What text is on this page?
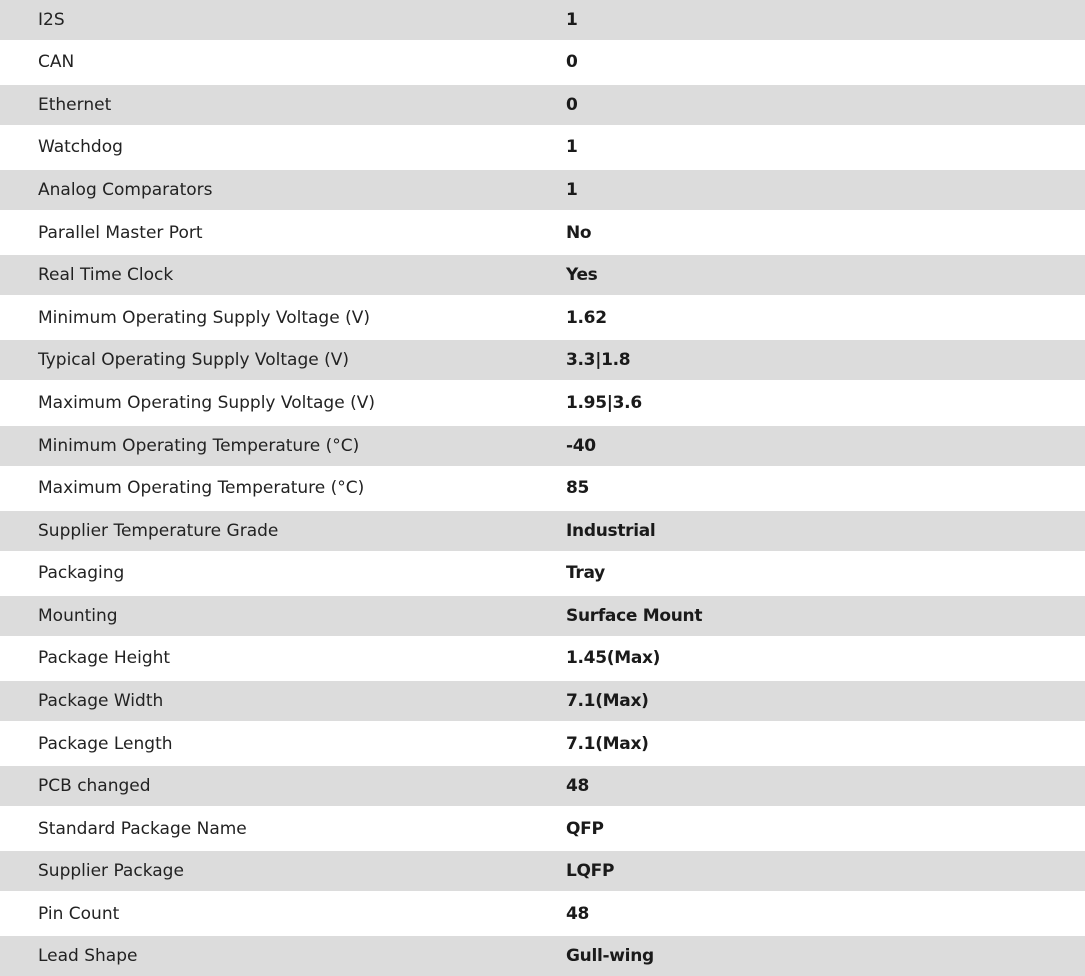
I2S	1
CAN	0
Ethernet	0
Watchdog	1
Analog Comparators	1
Parallel Master Port	No
Real Time Clock	Yes
Minimum Operating Supply Voltage (V)	1.62
Typical Operating Supply Voltage (V)	3.3|1.8
Maximum Operating Supply Voltage (V)	1.95|3.6
Minimum Operating Temperature (°C)	-40
Maximum Operating Temperature (°C)	85
Supplier Temperature Grade	Industrial
Packaging	Tray
Mounting	Surface Mount
Package Height	1.45(Max)
Package Width	7.1(Max)
Package Length	7.1(Max)
PCB changed	48
Standard Package Name	QFP
Supplier Package	LQFP
Pin Count	48
Lead Shape	Gull-wing
